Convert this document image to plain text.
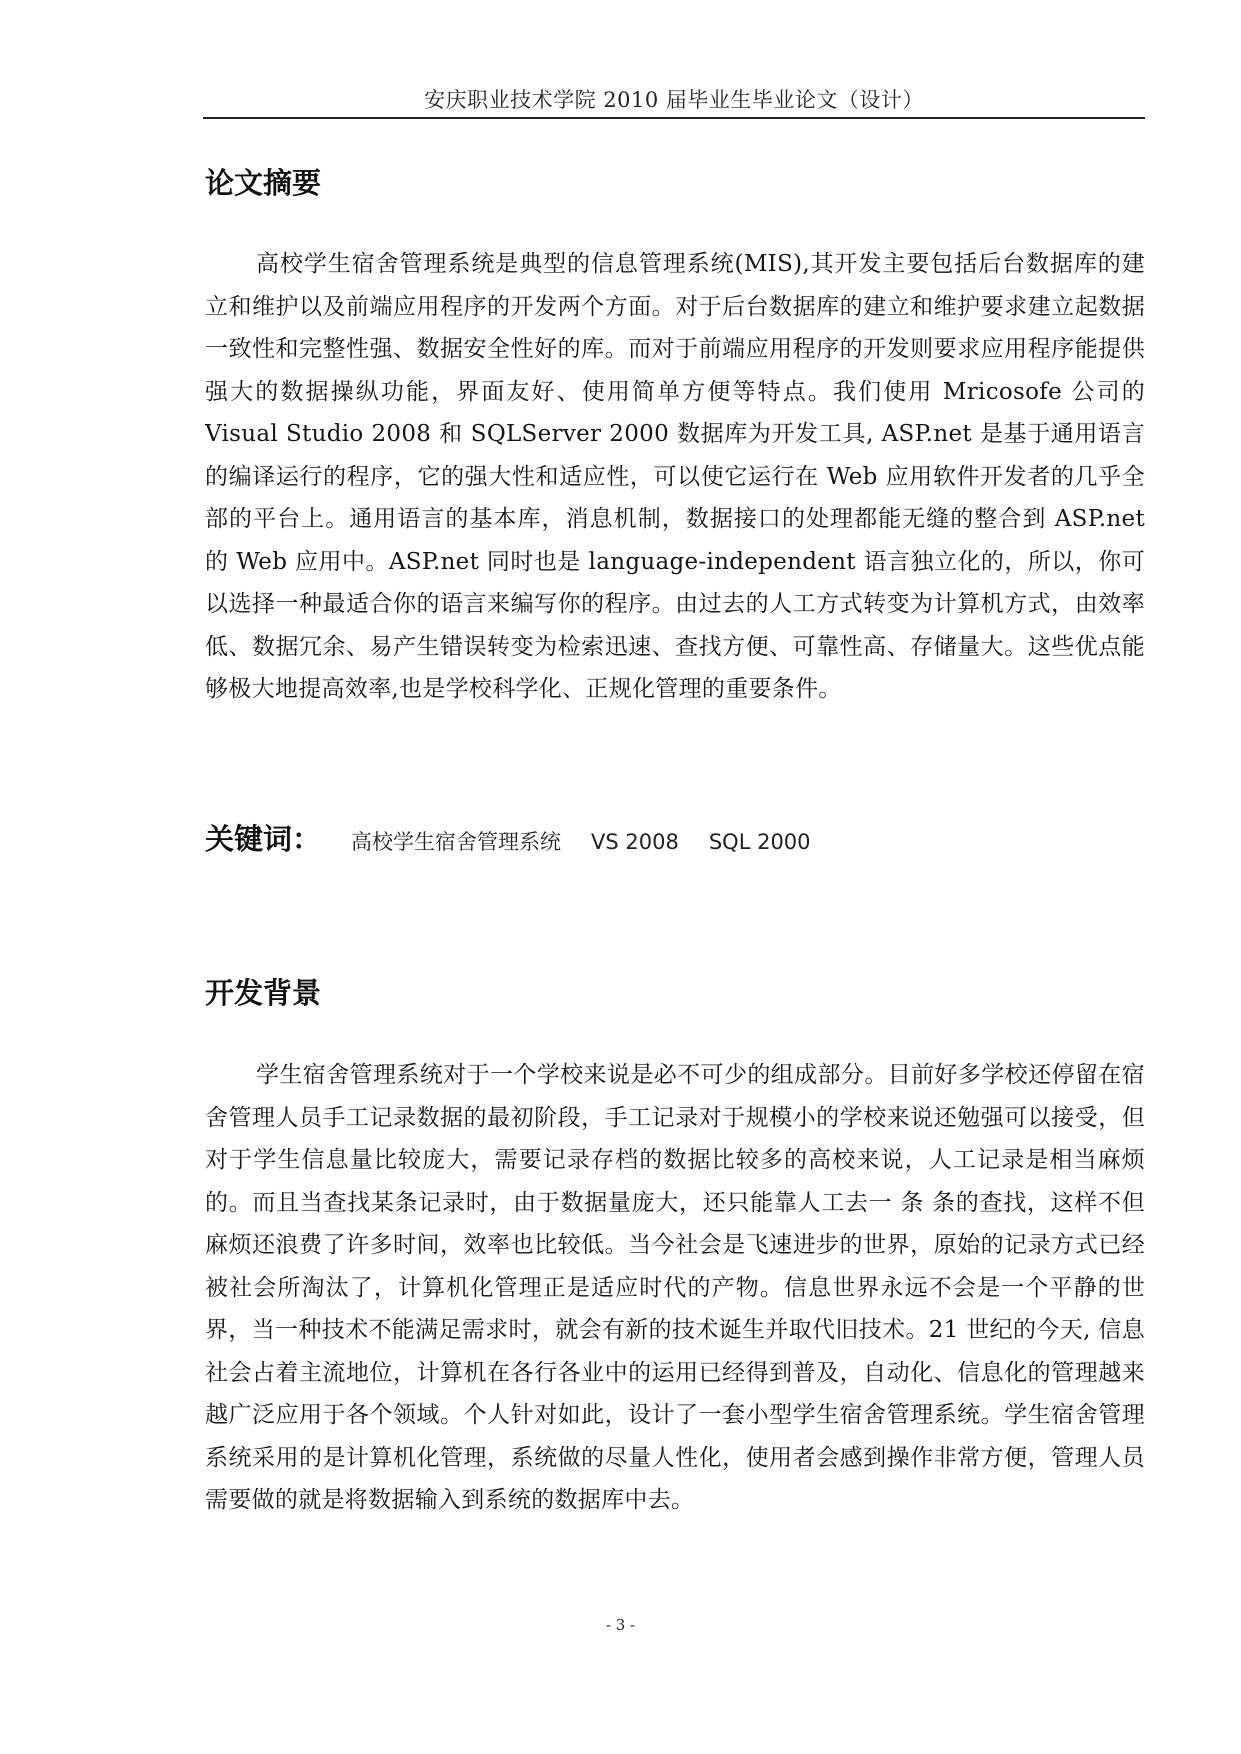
安庆职业技术学院 2010 届毕业生毕业论文（设计）
论文摘要

高校学生宿舍管理系统是典型的信息管理系统(MIS),其开发主要包括后台数据库的建立和维护以及前端应用程序的开发两个方面。对于后台数据库的建立和维护要求建立起数据一致性和完整性强、数据安全性好的库。而对于前端应用程序的开发则要求应用程序能提供强大的数据操纵功能，界面友好、使用简单方便等特点。我们使用 Mricosofe 公司的 Visual Studio 2008 和 SQLServer 2000 数据库为开发工具, ASP.net 是基于通用语言的编译运行的程序，它的强大性和适应性，可以使它运行在 Web 应用软件开发者的几乎全部的平台上。通用语言的基本库，消息机制，数据接口的处理都能无缝的整合到 ASP.net 的 Web 应用中。ASP.net 同时也是 language-independent 语言独立化的，所以，你可以选择一种最适合你的语言来编写你的程序。由过去的人工方式转变为计算机方式，由效率低、数据冗余、易产生错误转变为检索迅速、查找方便、可靠性高、存储量大。这些优点能够极大地提高效率,也是学校科学化、正规化管理的重要条件。

关键词： 高校学生宿舍管理系统 VS 2008 SQL 2000
开发背景

学生宿舍管理系统对于一个学校来说是必不可少的组成部分。目前好多学校还停留在宿舍管理人员手工记录数据的最初阶段，手工记录对于规模小的学校来说还勉强可以接受，但对于学生信息量比较庞大，需要记录存档的数据比较多的高校来说，人工记录是相当麻烦的。而且当查找某条记录时，由于数据量庞大，还只能靠人工去一 条 条的查找，这样不但麻烦还浪费了许多时间，效率也比较低。当今社会是飞速进步的世界，原始的记录方式已经被社会所淘汰了，计算机化管理正是适应时代的产物。信息世界永远不会是一个平静的世界，当一种技术不能满足需求时，就会有新的技术诞生并取代旧技术。21 世纪的今天, 信息社会占着主流地位，计算机在各行各业中的运用已经得到普及，自动化、信息化的管理越来越广泛应用于各个领域。个人针对如此，设计了一套小型学生宿舍管理系统。学生宿舍管理系统采用的是计算机化管理，系统做的尽量人性化，使用者会感到操作非常方便，管理人员需要做的就是将数据输入到系统的数据库中去。

- 3 -
